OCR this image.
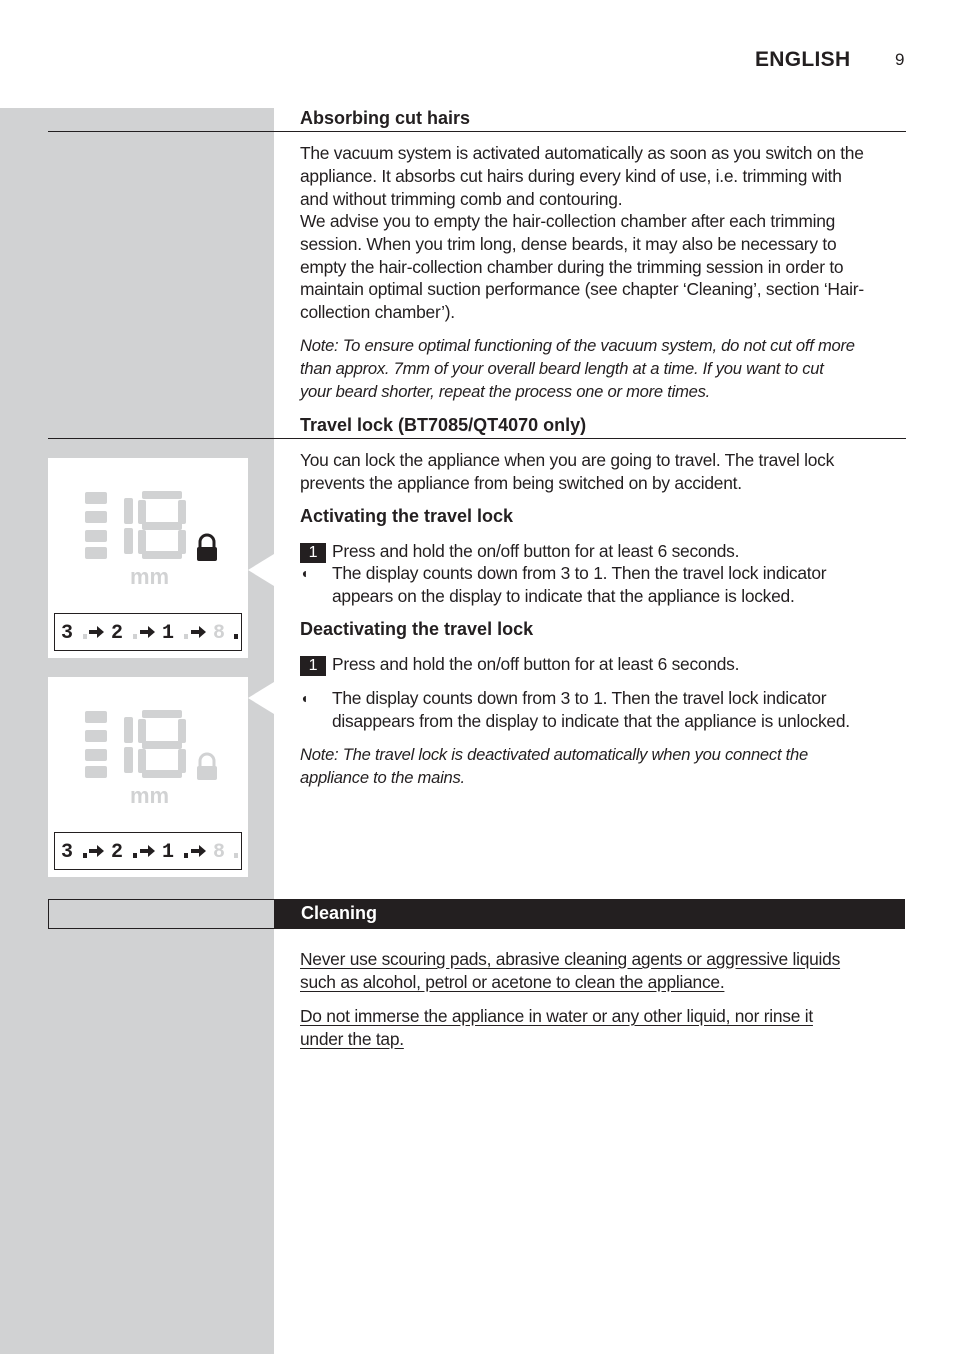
ENGLISH	9
Absorbing cut hairs
The vacuum system is activated automatically as soon as you switch on the
appliance. It absorbs cut hairs during every kind of use, i.e. trimming with
and without trimming comb and contouring.
We advise you to empty the hair-collection chamber after each trimming
session. When you trim long, dense beards, it may also be necessary to
empty the hair-collection chamber during the trimming session in order to
maintain optimal suction performance (see chapter ‘Cleaning’, section ‘Hair-
collection chamber’).
Note: To ensure optimal functioning of the vacuum system, do not cut off more
than approx. 7mm of your overall beard length at a time. If you want to cut
your beard shorter, repeat the process one or more times.
Travel lock (BT7085/QT4070 only)
You can lock the appliance when you are going to travel. The travel lock
prevents the appliance from being switched on by accident.
Activating the travel lock
1 Press and hold the on/off button for at least 6 seconds.
◖ The display counts down from 3 to 1. Then the travel lock indicator
appears on the display to indicate that the appliance is locked.
Deactivating the travel lock
1 Press and hold the on/off button for at least 6 seconds.
◖ The display counts down from 3 to 1. Then the travel lock indicator
disappears from the display to indicate that the appliance is unlocked.
Note: The travel lock is deactivated automatically when you connect the
appliance to the mains.
mm
3 2 1 8
mm
3 2 1 8
Cleaning
Never use scouring pads, abrasive cleaning agents or aggressive liquids
such as alcohol, petrol or acetone to clean the appliance.
Do not immerse the appliance in water or any other liquid, nor rinse it
under the tap.
